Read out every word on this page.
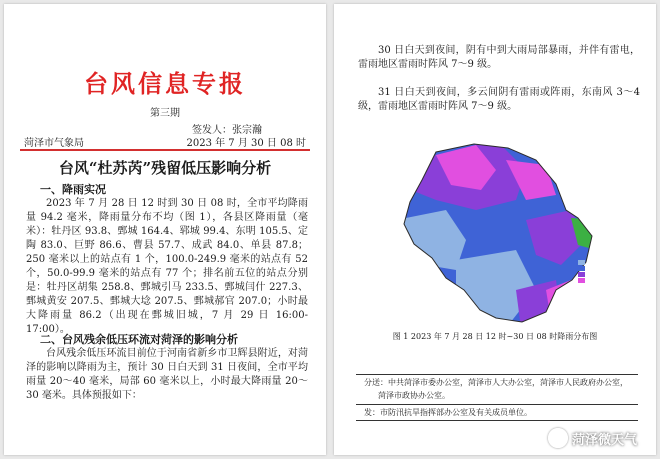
台风信息专报
第三期
签发人：张宗瀚
菏泽市气象局	2023 年 7 月 30 日 08 时
台风“杜苏芮”残留低压影响分析
一、降雨实况

2023 年 7 月 28 日 12 时到 30 日 08 时，全市平均降雨量 94.2 毫米，降雨量分布不均（图 1），各县区降雨量（毫米）：牡丹区 93.8、鄄城 164.4、郓城 99.4、东明 105.5、定陶 83.0、巨野 86.6、曹县 57.7、成武 84.0、单县 87.8；250 毫米以上的站点有 1 个，100.0-249.9 毫米的站点有 52 个，50.0-99.9 毫米的站点有 77 个；排名前五位的站点分别是：牡丹区胡集 258.8、鄄城引马 233.5、鄄城闫什 227.3、鄄城黄安 207.5、鄄城大埝 207.5、鄄城郝官 207.0；小时最大降雨量 86.2（出现在鄄城旧城，7 月 29 日 16:00-17:00）。

二、台风残余低压环流对菏泽的影响分析

台风残余低压环流目前位于河南省新乡市卫辉县附近，对菏泽的影响以降雨为主，预计 30 日白天到 31 日夜间，全市平均雨量 20～40 毫米，局部 60 毫米以上，小时最大降雨量 20～30 毫米。具体预报如下：

30 日白天到夜间，阴有中到大雨局部暴雨，并伴有雷电，雷雨地区雷雨时阵风 7～9 级。

31 日白天到夜间，多云间阴有雷雨或阵雨，东南风 3～4 级，雷雨地区雷雨时阵风 7～9 级。

图 1 2023 年 7 月 28 日 12 时~30 日 08 时降雨分布图
分送：中共菏泽市委办公室，菏泽市人大办公室，菏泽市人民政府办公室，
菏泽市政协办公室。
发：市防汛抗旱指挥部办公室及有关成员单位。
菏泽微天气
